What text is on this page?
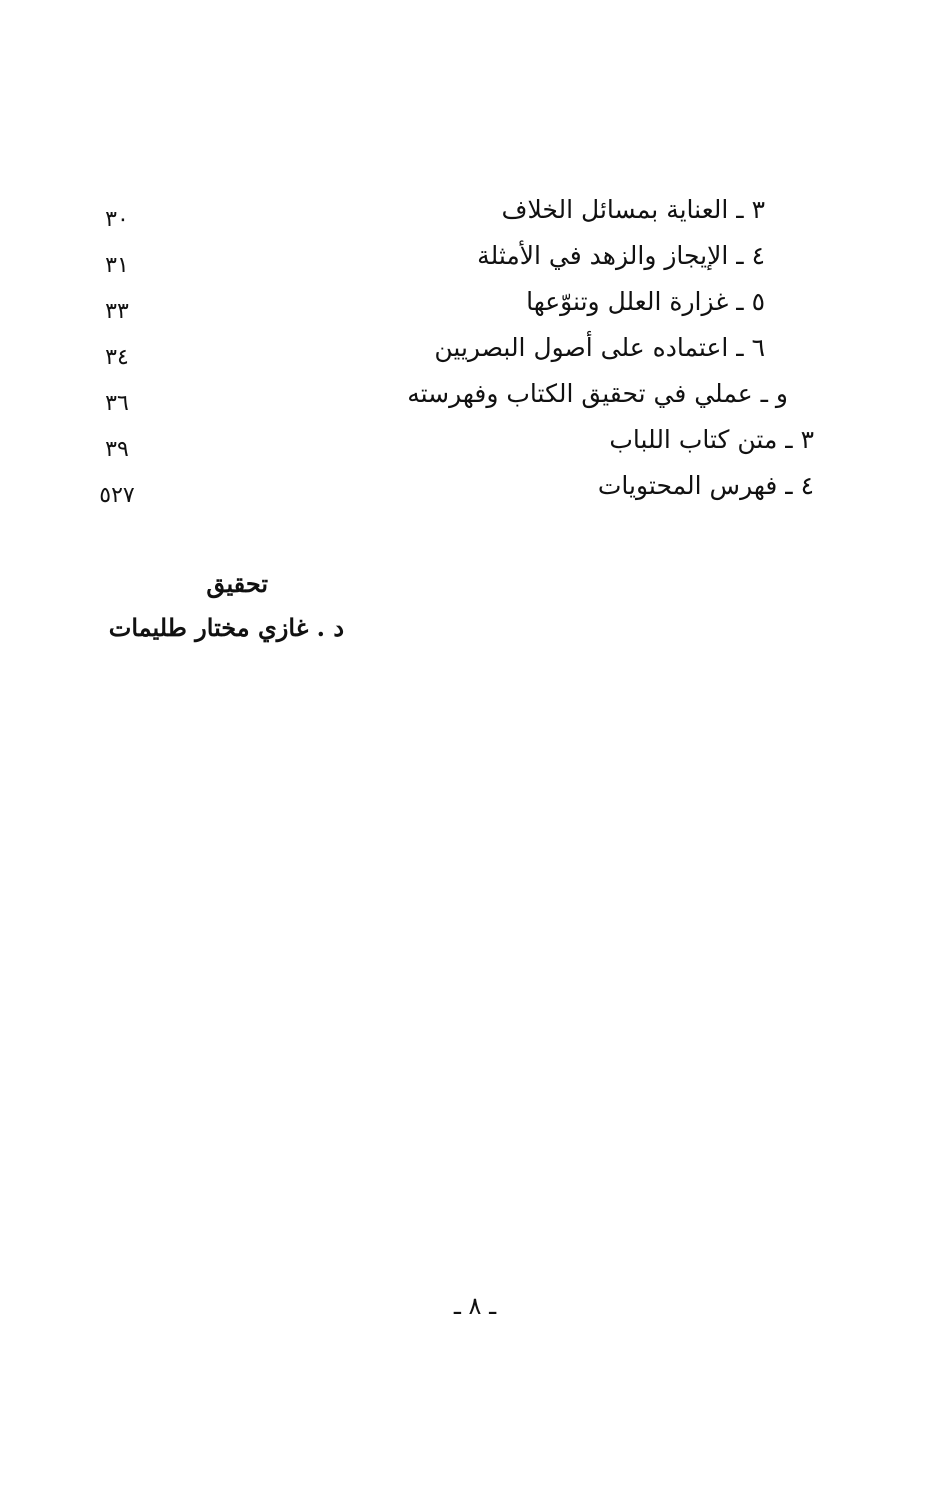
٣ ـ العناية بمسائل الخلاف
٣٠
٤ ـ الإيجاز والزهد في الأمثلة
٣١
٥ ـ غزارة العلل وتنوّعها
٣٣
٦ ـ اعتماده على أصول البصريين
٣٤
و ـ عملي في تحقيق الكتاب وفهرسته
٣٦
٣ ـ متن كتاب اللباب
٣٩
٤ ـ فهرس المحتويات
٥٢٧
تحقيق
د . غازي مختار طليمات
ـ ٨ ـ
